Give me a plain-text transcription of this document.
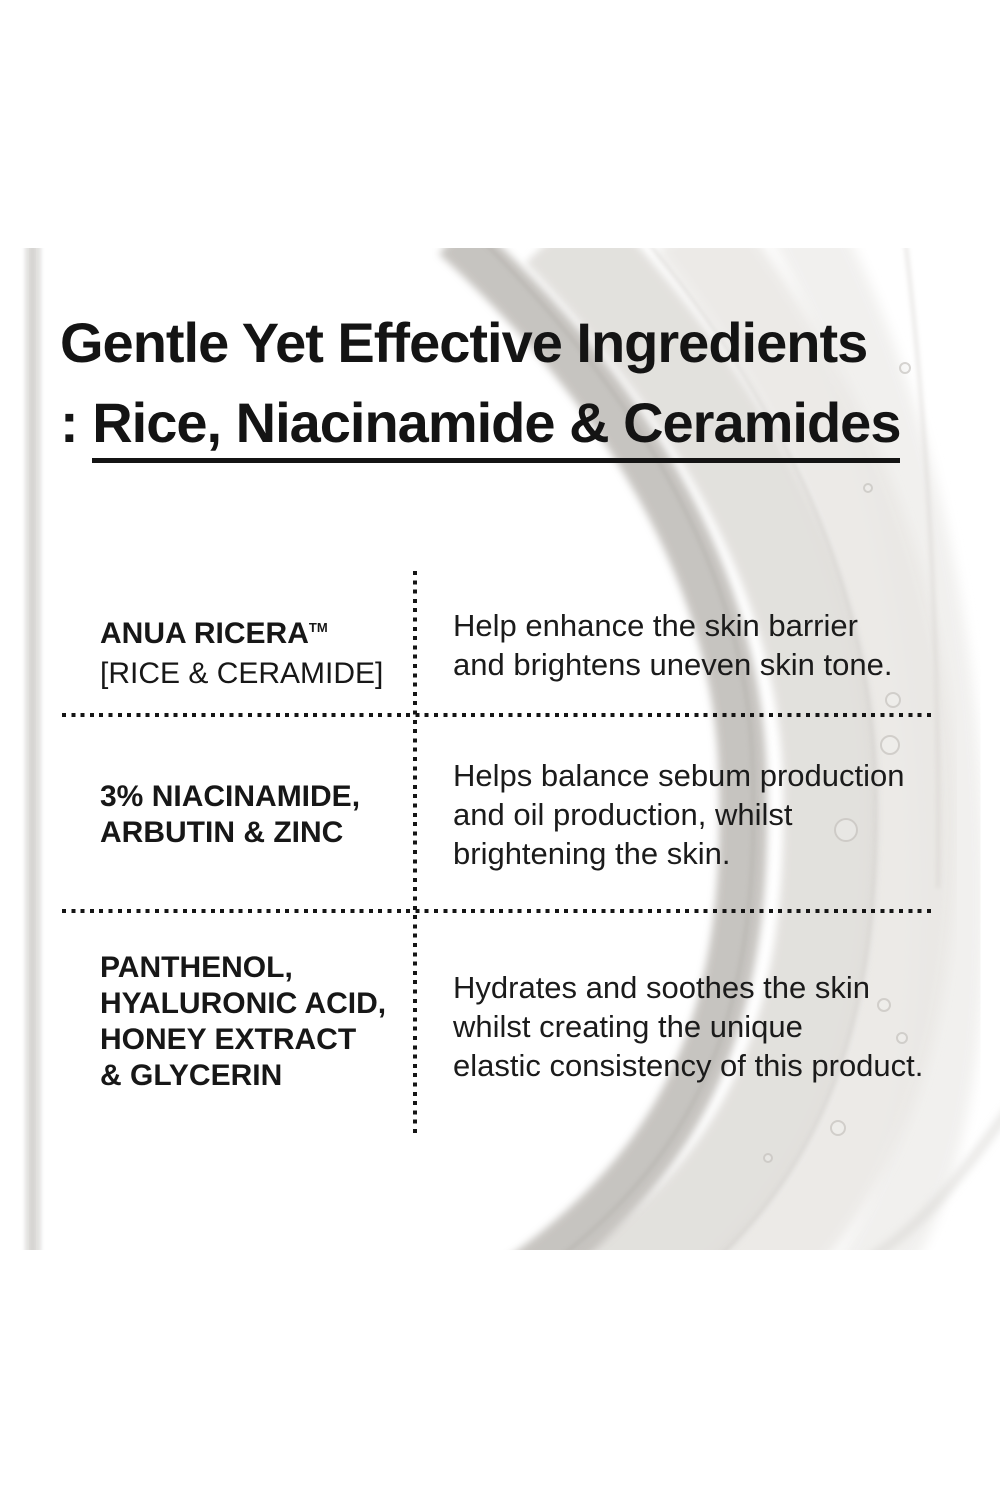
Gentle Yet Effective Ingredients
: Rice, Niacinamide & Ceramides
ANUA RICERA™
[RICE & CERAMIDE]
Help enhance the skin barrier
and brightens uneven skin tone.
3% NIACINAMIDE,
ARBUTIN & ZINC
Helps balance sebum production
and oil production, whilst
brightening the skin.
PANTHENOL,
HYALURONIC ACID,
HONEY EXTRACT
& GLYCERIN
Hydrates and soothes the skin
whilst creating the unique
elastic consistency of this product.
